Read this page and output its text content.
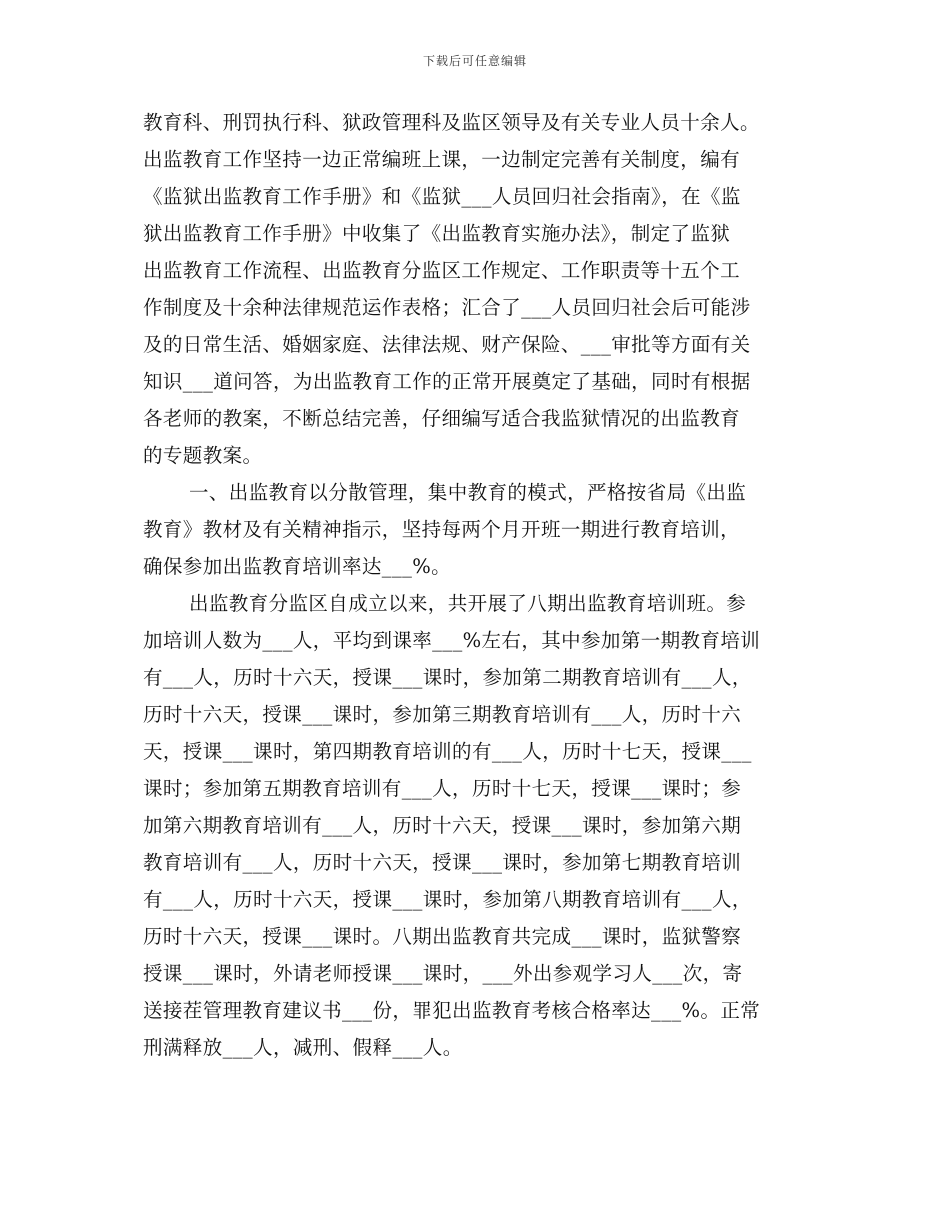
下载后可任意编辑
教育科、刑罚执行科、狱政管理科及监区领导及有关专业人员十余人。
出监教育工作坚持一边正常编班上课，一边制定完善有关制度，编有
《监狱出监教育工作手册》和《监狱___人员回归社会指南》，在《监
狱出监教育工作手册》中收集了《出监教育实施办法》，制定了监狱
出监教育工作流程、出监教育分监区工作规定、工作职责等十五个工
作制度及十余种法律规范运作表格；汇合了___人员回归社会后可能涉
及的日常生活、婚姻家庭、法律法规、财产保险、___审批等方面有关
知识___道问答，为出监教育工作的正常开展奠定了基础，同时有根据
各老师的教案，不断总结完善，仔细编写适合我监狱情况的出监教育
的专题教案。
一、出监教育以分散管理，集中教育的模式，严格按省局《出监
教育》教材及有关精神指示，坚持每两个月开班一期进行教育培训，
确保参加出监教育培训率达___%。
出监教育分监区自成立以来，共开展了八期出监教育培训班。参
加培训人数为___人，平均到课率___%左右，其中参加第一期教育培训
有___人，历时十六天，授课___课时，参加第二期教育培训有___人，
历时十六天，授课___课时，参加第三期教育培训有___人，历时十六
天，授课___课时，第四期教育培训的有___人，历时十七天，授课___
课时；参加第五期教育培训有___人，历时十七天，授课___课时；参
加第六期教育培训有___人，历时十六天，授课___课时，参加第六期
教育培训有___人，历时十六天，授课___课时，参加第七期教育培训
有___人，历时十六天，授课___课时，参加第八期教育培训有___人，
历时十六天，授课___课时。八期出监教育共完成___课时，监狱警察
授课___课时，外请老师授课___课时，___外出参观学习人___次，寄
送接茬管理教育建议书___份，罪犯出监教育考核合格率达___%。正常
刑满释放___人，减刑、假释___人。
